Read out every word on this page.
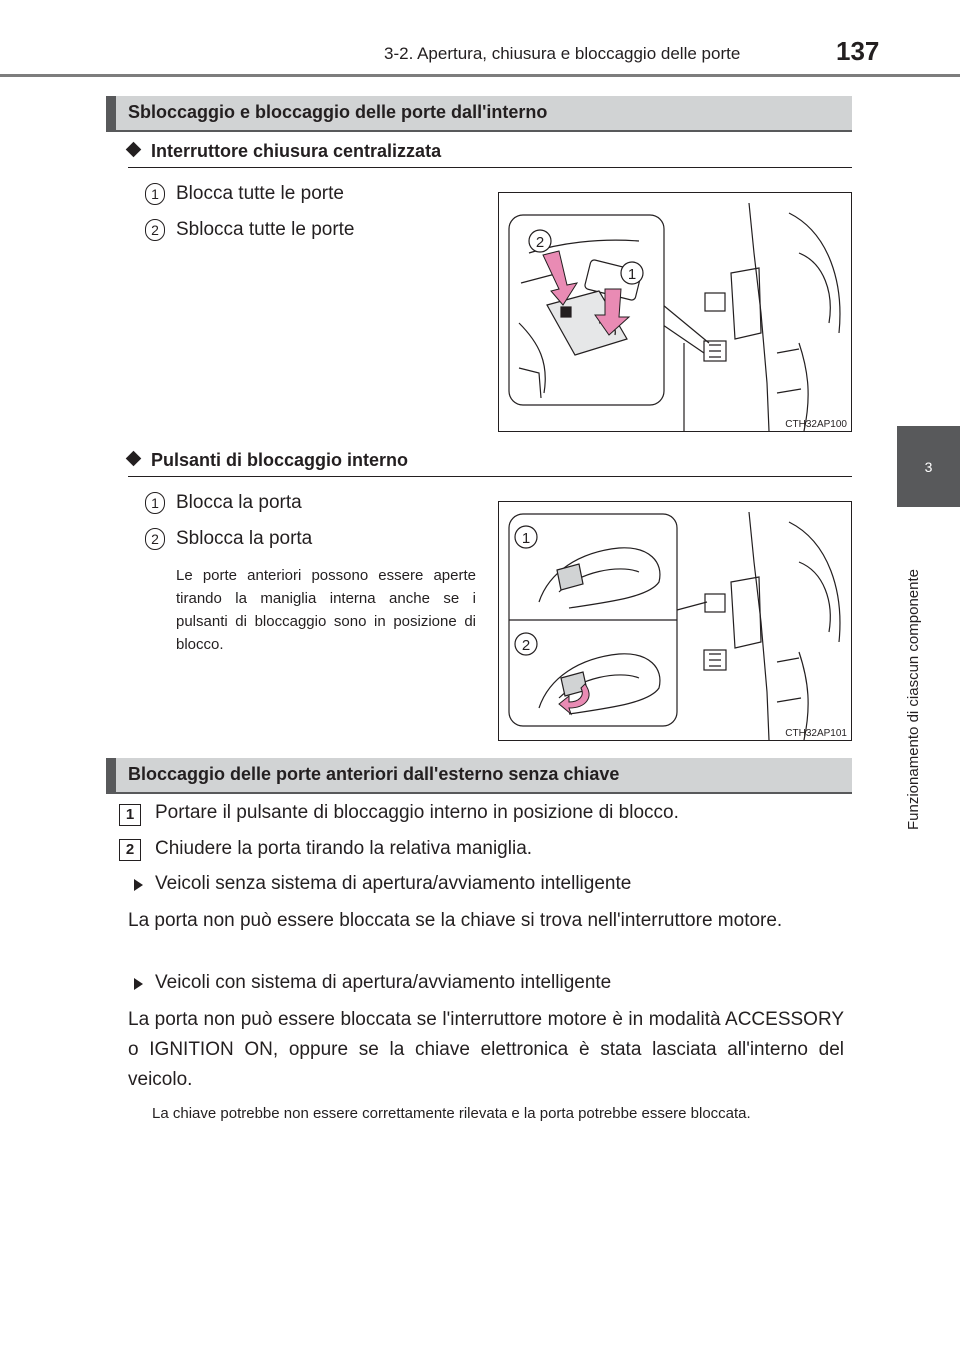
3-2. Apertura, chiusura e bloccaggio delle porte	137
3
Funzionamento di ciascun componente
Sbloccaggio e bloccaggio delle porte dall'interno
Interruttore chiusura centralizzata
1 Blocca tutte le porte
2 Sblocca tutte le porte
2
1
CTH32AP100
Pulsanti di bloccaggio interno
1 Blocca la porta
2 Sblocca la porta
Le porte anteriori possono essere aperte tirando la maniglia interna anche se i pulsanti di bloccaggio sono in posizione di blocco.
1
2
CTH32AP101
Bloccaggio delle porte anteriori dall'esterno senza chiave
1	Portare il pulsante di bloccaggio interno in posizione di blocco.
2	Chiudere la porta tirando la relativa maniglia.
Veicoli senza sistema di apertura/avviamento intelligente
La porta non può essere bloccata se la chiave si trova nell'interruttore motore.
Veicoli con sistema di apertura/avviamento intelligente
La porta non può essere bloccata se l'interruttore motore è in modalità ACCESSORY o IGNITION ON, oppure se la chiave elettronica è stata lasciata all'interno del veicolo.
La chiave potrebbe non essere correttamente rilevata e la porta potrebbe essere bloccata.
